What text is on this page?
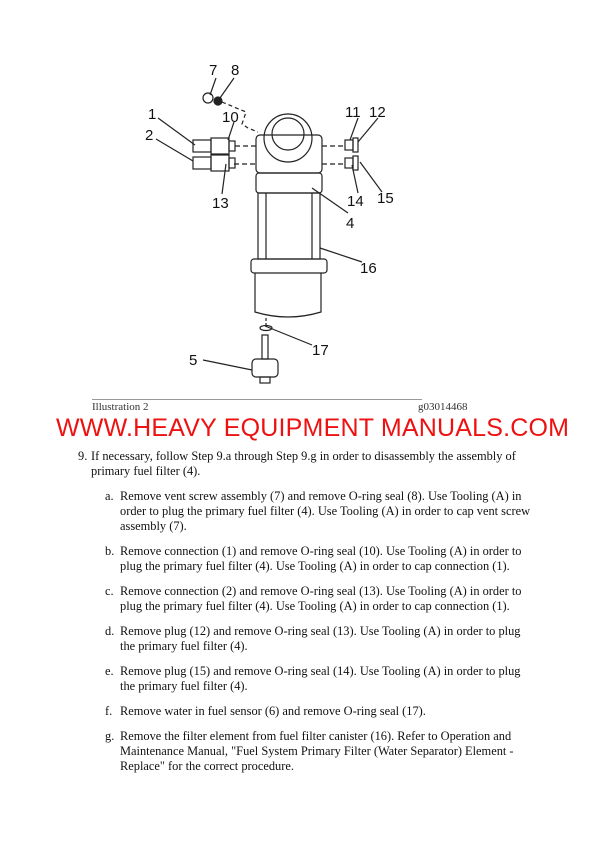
7 8
1	10	11 12
2
13	14 15
4
16
17
5
Illustration 2	g03014468
WWW.HEAVY EQUIPMENT MANUALS.COM
9. If necessary, follow Step 9.a through Step 9.g in order to disassembly the assembly of primary fuel filter (4).
a. Remove vent screw assembly (7) and remove O-ring seal (8). Use Tooling (A) in order to plug the primary fuel filter (4). Use Tooling (A) in order to cap vent screw assembly (7).
b. Remove connection (1) and remove O-ring seal (10). Use Tooling (A) in order to plug the primary fuel filter (4). Use Tooling (A) in order to cap connection (1).
c. Remove connection (2) and remove O-ring seal (13). Use Tooling (A) in order to plug the primary fuel filter (4). Use Tooling (A) in order to cap connection (1).
d. Remove plug (12) and remove O-ring seal (13). Use Tooling (A) in order to plug the primary fuel filter (4).
e. Remove plug (15) and remove O-ring seal (14). Use Tooling (A) in order to plug the primary fuel filter (4).
f. Remove water in fuel sensor (6) and remove O-ring seal (17).
g. Remove the filter element from fuel filter canister (16). Refer to Operation and Maintenance Manual, "Fuel System Primary Filter (Water Separator) Element - Replace" for the correct procedure.
